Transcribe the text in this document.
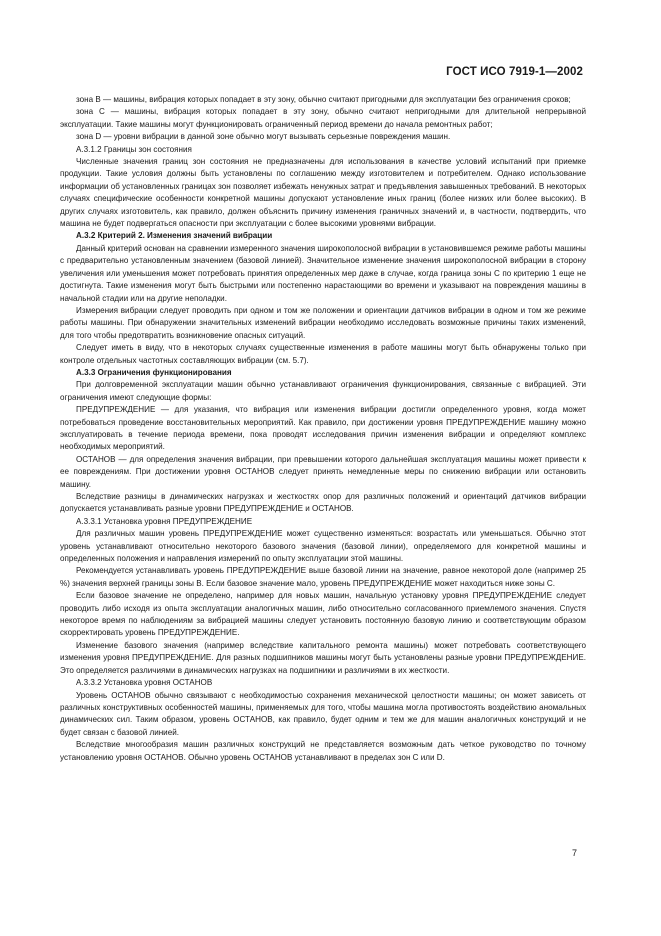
ГОСТ ИСО 7919-1—2002

зона B — машины, вибрация которых попадает в эту зону, обычно считают пригодными для эксплуатации без ограничения сроков;

зона C — машины, вибрация которых попадает в эту зону, обычно считают непригодными для длительной непрерывной эксплуатации. Такие машины могут функционировать ограниченный период времени до начала ремонтных работ;

зона D — уровни вибрации в данной зоне обычно могут вызывать серьезные повреждения машин.

А.3.1.2 Границы зон состояния

Численные значения границ зон состояния не предназначены для использования в качестве условий испытаний при приемке продукции. Такие условия должны быть установлены по соглашению между изготовителем и потребителем. Однако использование информации об установленных границах зон позволяет избежать ненужных затрат и предъявления завышенных требований. В некоторых случаях специфические особенности конкретной машины допускают установление иных границ (более низких или более высоких). В других случаях изготовитель, как правило, должен объяснить причину изменения граничных значений и, в частности, подтвердить, что машина не будет подвергаться опасности при эксплуатации с более высокими уровнями вибрации.

А.3.2 Критерий 2. Изменения значений вибрации

Данный критерий основан на сравнении измеренного значения широкополосной вибрации в установившемся режиме работы машины с предварительно установленным значением (базовой линией). Значительное изменение значения широкополосной вибрации в сторону увеличения или уменьшения может потребовать принятия определенных мер даже в случае, когда граница зоны C по критерию 1 еще не достигнута. Такие изменения могут быть быстрыми или постепенно нарастающими во времени и указывают на повреждения машины в начальной стадии или на другие неполадки.

Измерения вибрации следует проводить при одном и том же положении и ориентации датчиков вибрации в одном и том же режиме работы машины. При обнаружении значительных изменений вибрации необходимо исследовать возможные причины таких изменений, для того чтобы предотвратить возникновение опасных ситуаций.

Следует иметь в виду, что в некоторых случаях существенные изменения в работе машины могут быть обнаружены только при контроле отдельных частотных составляющих вибрации (см. 5.7).

А.3.3 Ограничения функционирования

При долговременной эксплуатации машин обычно устанавливают ограничения функционирования, связанные с вибрацией. Эти ограничения имеют следующие формы:

ПРЕДУПРЕЖДЕНИЕ — для указания, что вибрация или изменения вибрации достигли определенного уровня, когда может потребоваться проведение восстановительных мероприятий. Как правило, при достижении уровня ПРЕДУПРЕЖДЕНИЕ машину можно эксплуатировать в течение периода времени, пока проводят исследования причин изменения вибрации и определяют комплекс необходимых мероприятий.

ОСТАНОВ — для определения значения вибрации, при превышении которого дальнейшая эксплуатация машины может привести к ее повреждениям. При достижении уровня ОСТАНОВ следует принять немедленные меры по снижению вибрации или остановить машину.

Вследствие разницы в динамических нагрузках и жесткостях опор для различных положений и ориентаций датчиков вибрации допускается устанавливать разные уровни ПРЕДУПРЕЖДЕНИЕ и ОСТАНОВ.

А.3.3.1 Установка уровня ПРЕДУПРЕЖДЕНИЕ

Для различных машин уровень ПРЕДУПРЕЖДЕНИЕ может существенно изменяться: возрастать или уменьшаться. Обычно этот уровень устанавливают относительно некоторого базового значения (базовой линии), определяемого для конкретной машины и определенных положения и направления измерений по опыту эксплуатации этой машины.

Рекомендуется устанавливать уровень ПРЕДУПРЕЖДЕНИЕ выше базовой линии на значение, равное некоторой доле (например 25 %) значения верхней границы зоны B. Если базовое значение мало, уровень ПРЕДУПРЕЖДЕНИЕ может находиться ниже зоны C.

Если базовое значение не определено, например для новых машин, начальную установку уровня ПРЕДУПРЕЖДЕНИЕ следует проводить либо исходя из опыта эксплуатации аналогичных машин, либо относительно согласованного приемлемого значения. Спустя некоторое время по наблюдениям за вибрацией машины следует установить постоянную базовую линию и соответствующим образом скорректировать уровень ПРЕДУПРЕЖДЕНИЕ.

Изменение базового значения (например вследствие капитального ремонта машины) может потребовать соответствующего изменения уровня ПРЕДУПРЕЖДЕНИЕ. Для разных подшипников машины могут быть установлены разные уровни ПРЕДУПРЕЖДЕНИЕ. Это определяется различиями в динамических нагрузках на подшипники и различиями в их жесткости.

А.3.3.2 Установка уровня ОСТАНОВ

Уровень ОСТАНОВ обычно связывают с необходимостью сохранения механической целостности машины; он может зависеть от различных конструктивных особенностей машины, применяемых для того, чтобы машина могла противостоять воздействию аномальных динамических сил. Таким образом, уровень ОСТАНОВ, как правило, будет одним и тем же для машин аналогичных конструкций и не будет связан с базовой линией.

Вследствие многообразия машин различных конструкций не представляется возможным дать четкое руководство по точному установлению уровня ОСТАНОВ. Обычно уровень ОСТАНОВ устанавливают в пределах зон C или D.

7
